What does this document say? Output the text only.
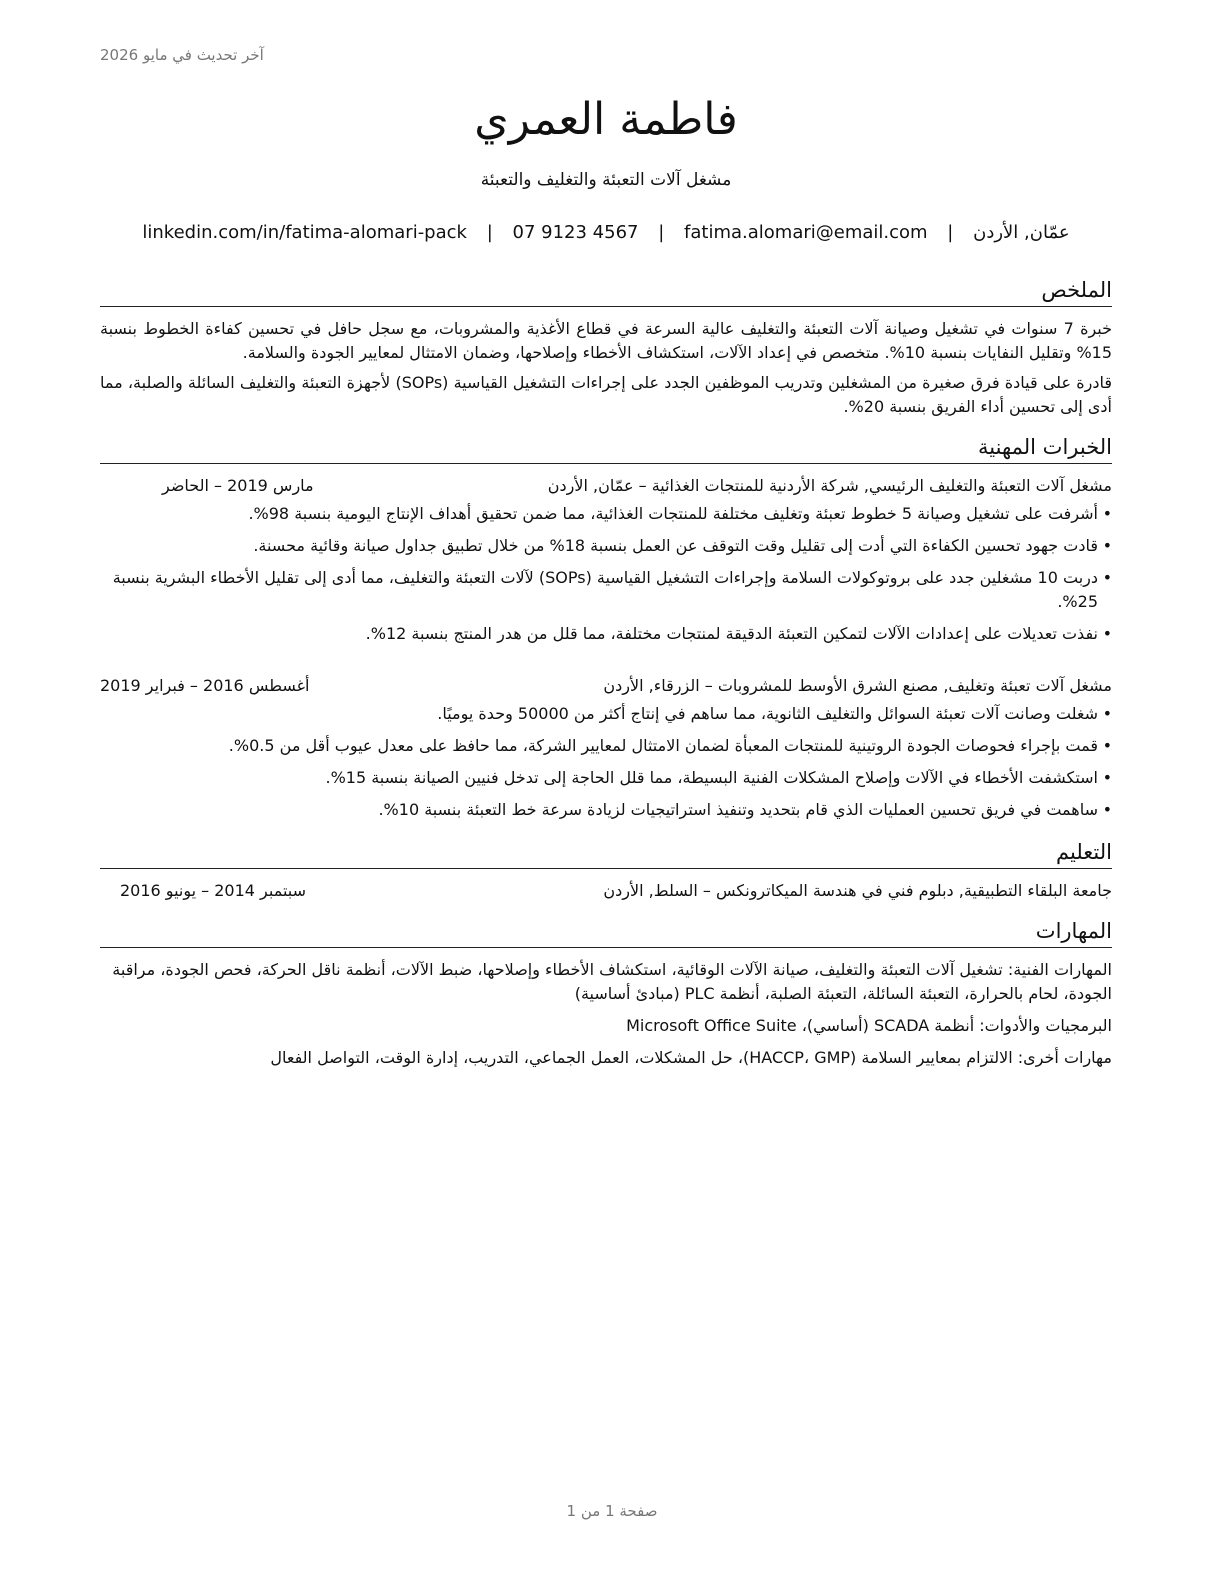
آخر تحديث في مايو 2026
فاطمة العمري
مشغل آلات التعبئة والتغليف والتعبئة
عمّان, الأردن | fatima.alomari@email.com | 07 9123 4567 | linkedin.com/in/fatima-alomari-pack
الملخص

خبرة 7 سنوات في تشغيل وصيانة آلات التعبئة والتغليف عالية السرعة في قطاع الأغذية والمشروبات، مع سجل حافل في تحسين كفاءة الخطوط بنسبة 15% وتقليل النفايات بنسبة 10%. متخصص في إعداد الآلات، استكشاف الأخطاء وإصلاحها، وضمان الامتثال لمعايير الجودة والسلامة.

قادرة على قيادة فرق صغيرة من المشغلين وتدريب الموظفين الجدد على إجراءات التشغيل القياسية (SOPs) لأجهزة التعبئة والتغليف السائلة والصلبة، مما أدى إلى تحسين أداء الفريق بنسبة 20%.

الخبرات المهنية
مشغل آلات التعبئة والتغليف الرئيسي, شركة الأردنية للمنتجات الغذائية

–

عمّان, الأردن
مارس 2019 – الحاضر
• أشرفت على تشغيل وصيانة 5 خطوط تعبئة وتغليف مختلفة للمنتجات الغذائية، مما ضمن تحقيق أهداف الإنتاج اليومية بنسبة 98%.
• قادت جهود تحسين الكفاءة التي أدت إلى تقليل وقت التوقف عن العمل بنسبة 18% من خلال تطبيق جداول صيانة وقائية محسنة.
• دربت 10 مشغلين جدد على بروتوكولات السلامة وإجراءات التشغيل القياسية (SOPs) لآلات التعبئة والتغليف، مما أدى إلى تقليل الأخطاء البشرية بنسبة 25%.
• نفذت تعديلات على إعدادات الآلات لتمكين التعبئة الدقيقة لمنتجات مختلفة، مما قلل من هدر المنتج بنسبة 12%.
مشغل آلات تعبئة وتغليف, مصنع الشرق الأوسط للمشروبات

–

الزرقاء, الأردن
أغسطس 2016 – فبراير 2019
• شغلت وصانت آلات تعبئة السوائل والتغليف الثانوية، مما ساهم في إنتاج أكثر من 50000 وحدة يوميًا.
• قمت بإجراء فحوصات الجودة الروتينية للمنتجات المعبأة لضمان الامتثال لمعايير الشركة، مما حافظ على معدل عيوب أقل من 0.5%.
• استكشفت الأخطاء في الآلات وإصلاح المشكلات الفنية البسيطة، مما قلل الحاجة إلى تدخل فنيين الصيانة بنسبة 15%.
• ساهمت في فريق تحسين العمليات الذي قام بتحديد وتنفيذ استراتيجيات لزيادة سرعة خط التعبئة بنسبة 10%.
التعليم
جامعة البلقاء التطبيقية, دبلوم فني في هندسة الميكاترونكس

–

السلط, الأردن
سبتمبر 2014 – يونيو 2016
المهارات
المهارات الفنية: تشغيل آلات التعبئة والتغليف، صيانة الآلات الوقائية، استكشاف الأخطاء وإصلاحها، ضبط الآلات، أنظمة ناقل الحركة، فحص الجودة، مراقبة الجودة، لحام بالحرارة، التعبئة السائلة، التعبئة الصلبة، أنظمة PLC (مبادئ أساسية)
البرمجيات والأدوات: أنظمة SCADA (أساسي)، Microsoft Office Suite
مهارات أخرى: الالتزام بمعايير السلامة (HACCP، GMP)، حل المشكلات، العمل الجماعي، التدريب، إدارة الوقت، التواصل الفعال
صفحة 1 من 1
